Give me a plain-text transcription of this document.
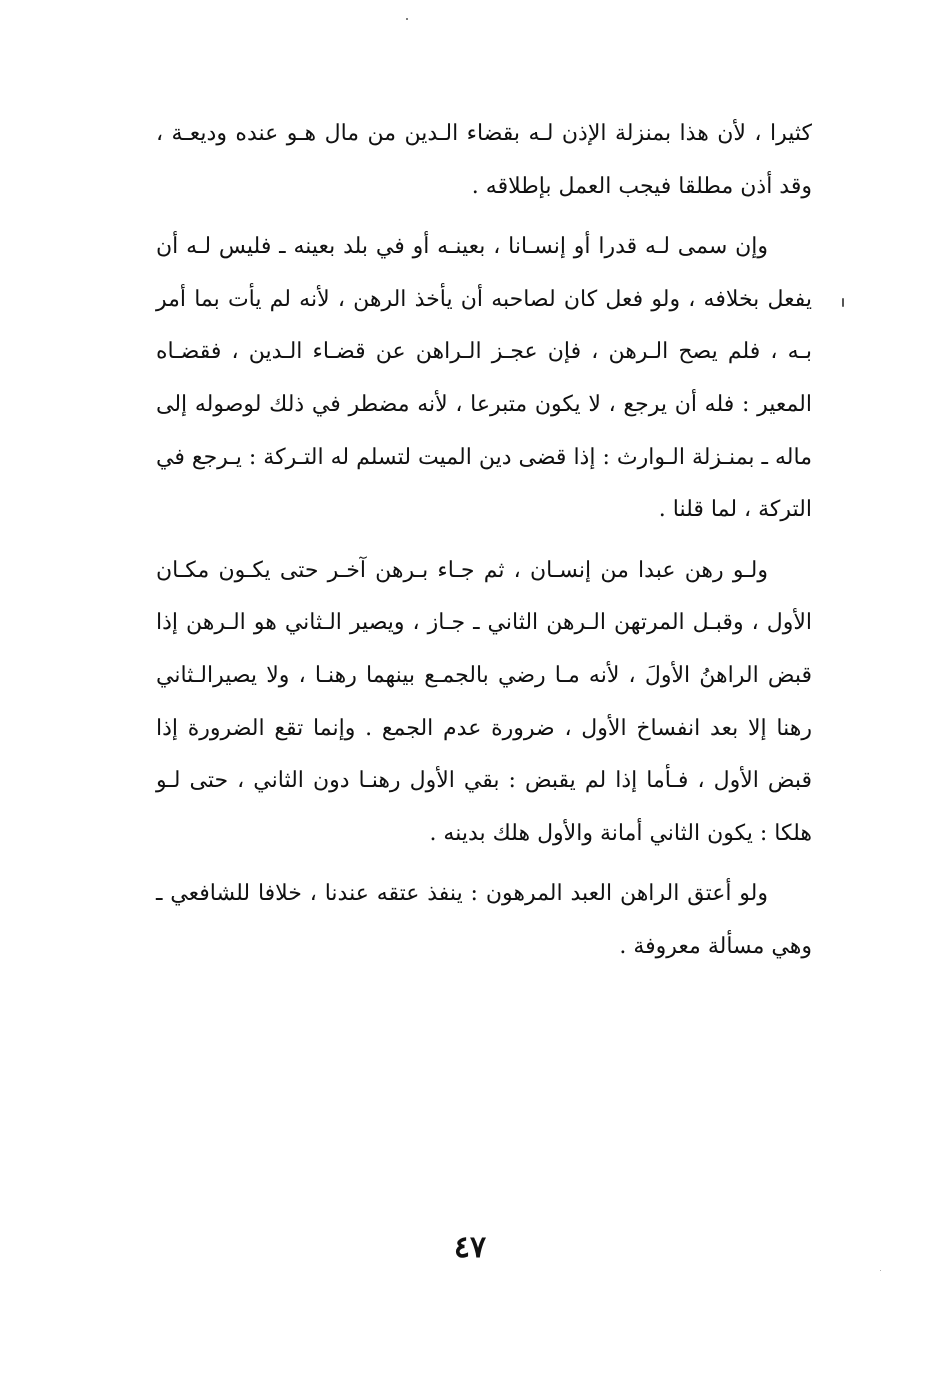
كثيرا ، لأن هذا بمنزلة الإذن لـه بقضاء الـدين من مال هـو عنده وديعـة ، وقد أذن مطلقا فيجب العمل بإطلاقه .

وإن سمى لـه قدرا أو إنسـانا ، بعينـه أو في بلد بعينه ـ فليس لـه أن يفعل بخلافه ، ولو فعل كان لصاحبه أن يأخذ الرهن ، لأنه لم يأت بما أمر بـه ، فلم يصح الـرهن ، فإن عجـز الـراهن عن قضـاء الـدين ، فقضـاه المعير : فله أن يرجع ، لا يكون متبرعا ، لأنه مضطر في ذلك لوصوله إلى ماله ـ بمنـزلة الـوارث : إذا قضى دين الميت لتسلم له التـركة : يـرجع في التركة ، لما قلنا .

ولـو رهن عبدا من إنسـان ، ثم جـاء بـرهن آخـر حتى يكـون مكـان الأول ، وقبـل المرتهن الـرهن الثاني ـ جـاز ، ويصير الـثاني هو الـرهن إذا قبض الراهنُ الأولَ ، لأنه مـا رضي بالجمـع بينهما رهنـا ، ولا يصيرالـثاني رهنا إلا بعد انفساخ الأول ، ضرورة عدم الجمع . وإنما تقع الضرورة إذا قبض الأول ، فـأما إذا لم يقبض : بقي الأول رهنـا دون الثاني ، حتى لـو هلكا : يكون الثاني أمانة والأول هلك بدينه .

ولو أعتق الراهن العبد المرهون : ينفذ عتقه عندنا ، خلافا للشافعي ـ وهي مسألة معروفة .

٤٧
